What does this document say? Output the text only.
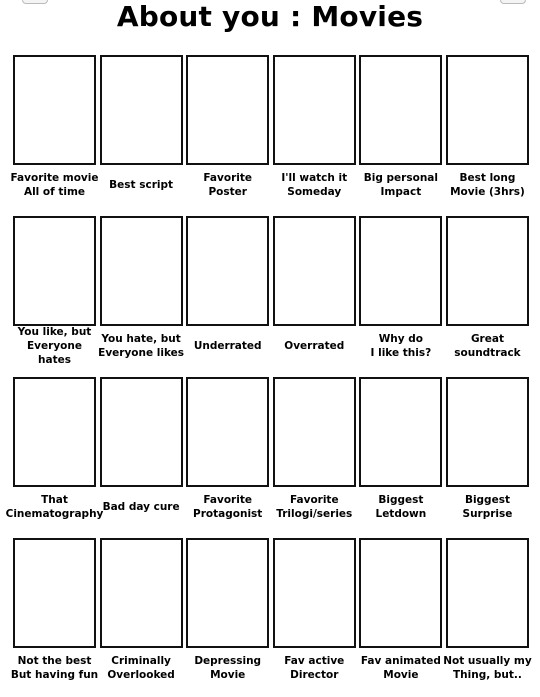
About you : Movies
Favorite movie
All of time
Best script
Favorite
Poster
I'll watch it
Someday
Big personal
Impact
Best long
Movie (3hrs)
You like, but
Everyone hates
You hate, but
Everyone likes
Underrated	Overrated
Why do
I like this?
Great
soundtrack
That
Cinematography
Bad day cure
Favorite
Protagonist
Favorite
Trilogi/series
Biggest
Letdown
Biggest
Surprise
Not the best
But having fun
Criminally
Overlooked
Depressing
Movie
Fav active
Director
Fav animated
Movie
Not usually my
Thing, but..
